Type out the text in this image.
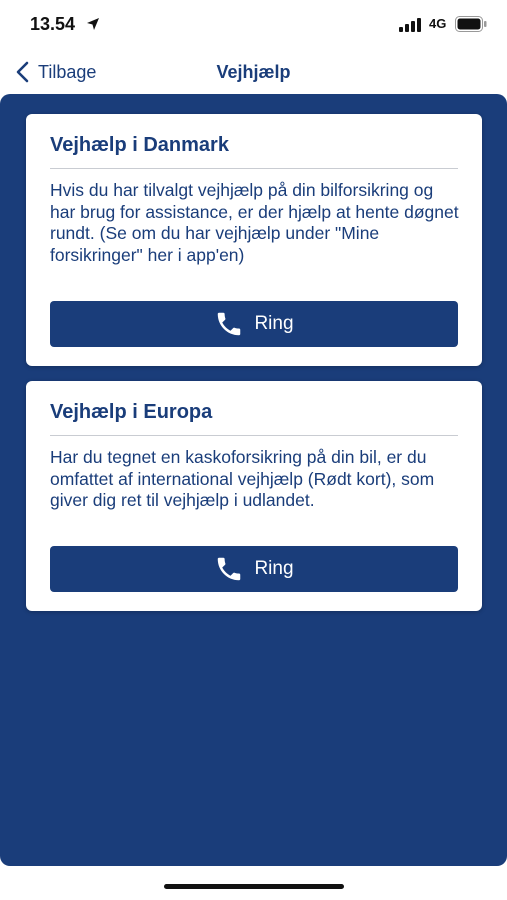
13.54	4G
Vejhjælp
Tilbage
Vejhælp i Danmark
Hvis du har tilvalgt vejhjælp på din bilforsikring og har brug for assistance, er der hjælp at hente døgnet rundt. (Se om du har vejhjælp under "Mine forsikringer" her i app'en)
Ring
Vejhælp i Europa
Har du tegnet en kaskoforsikring på din bil, er du omfattet af international vejhjælp (Rødt kort), som giver dig ret til vejhjælp i udlandet.
Ring
